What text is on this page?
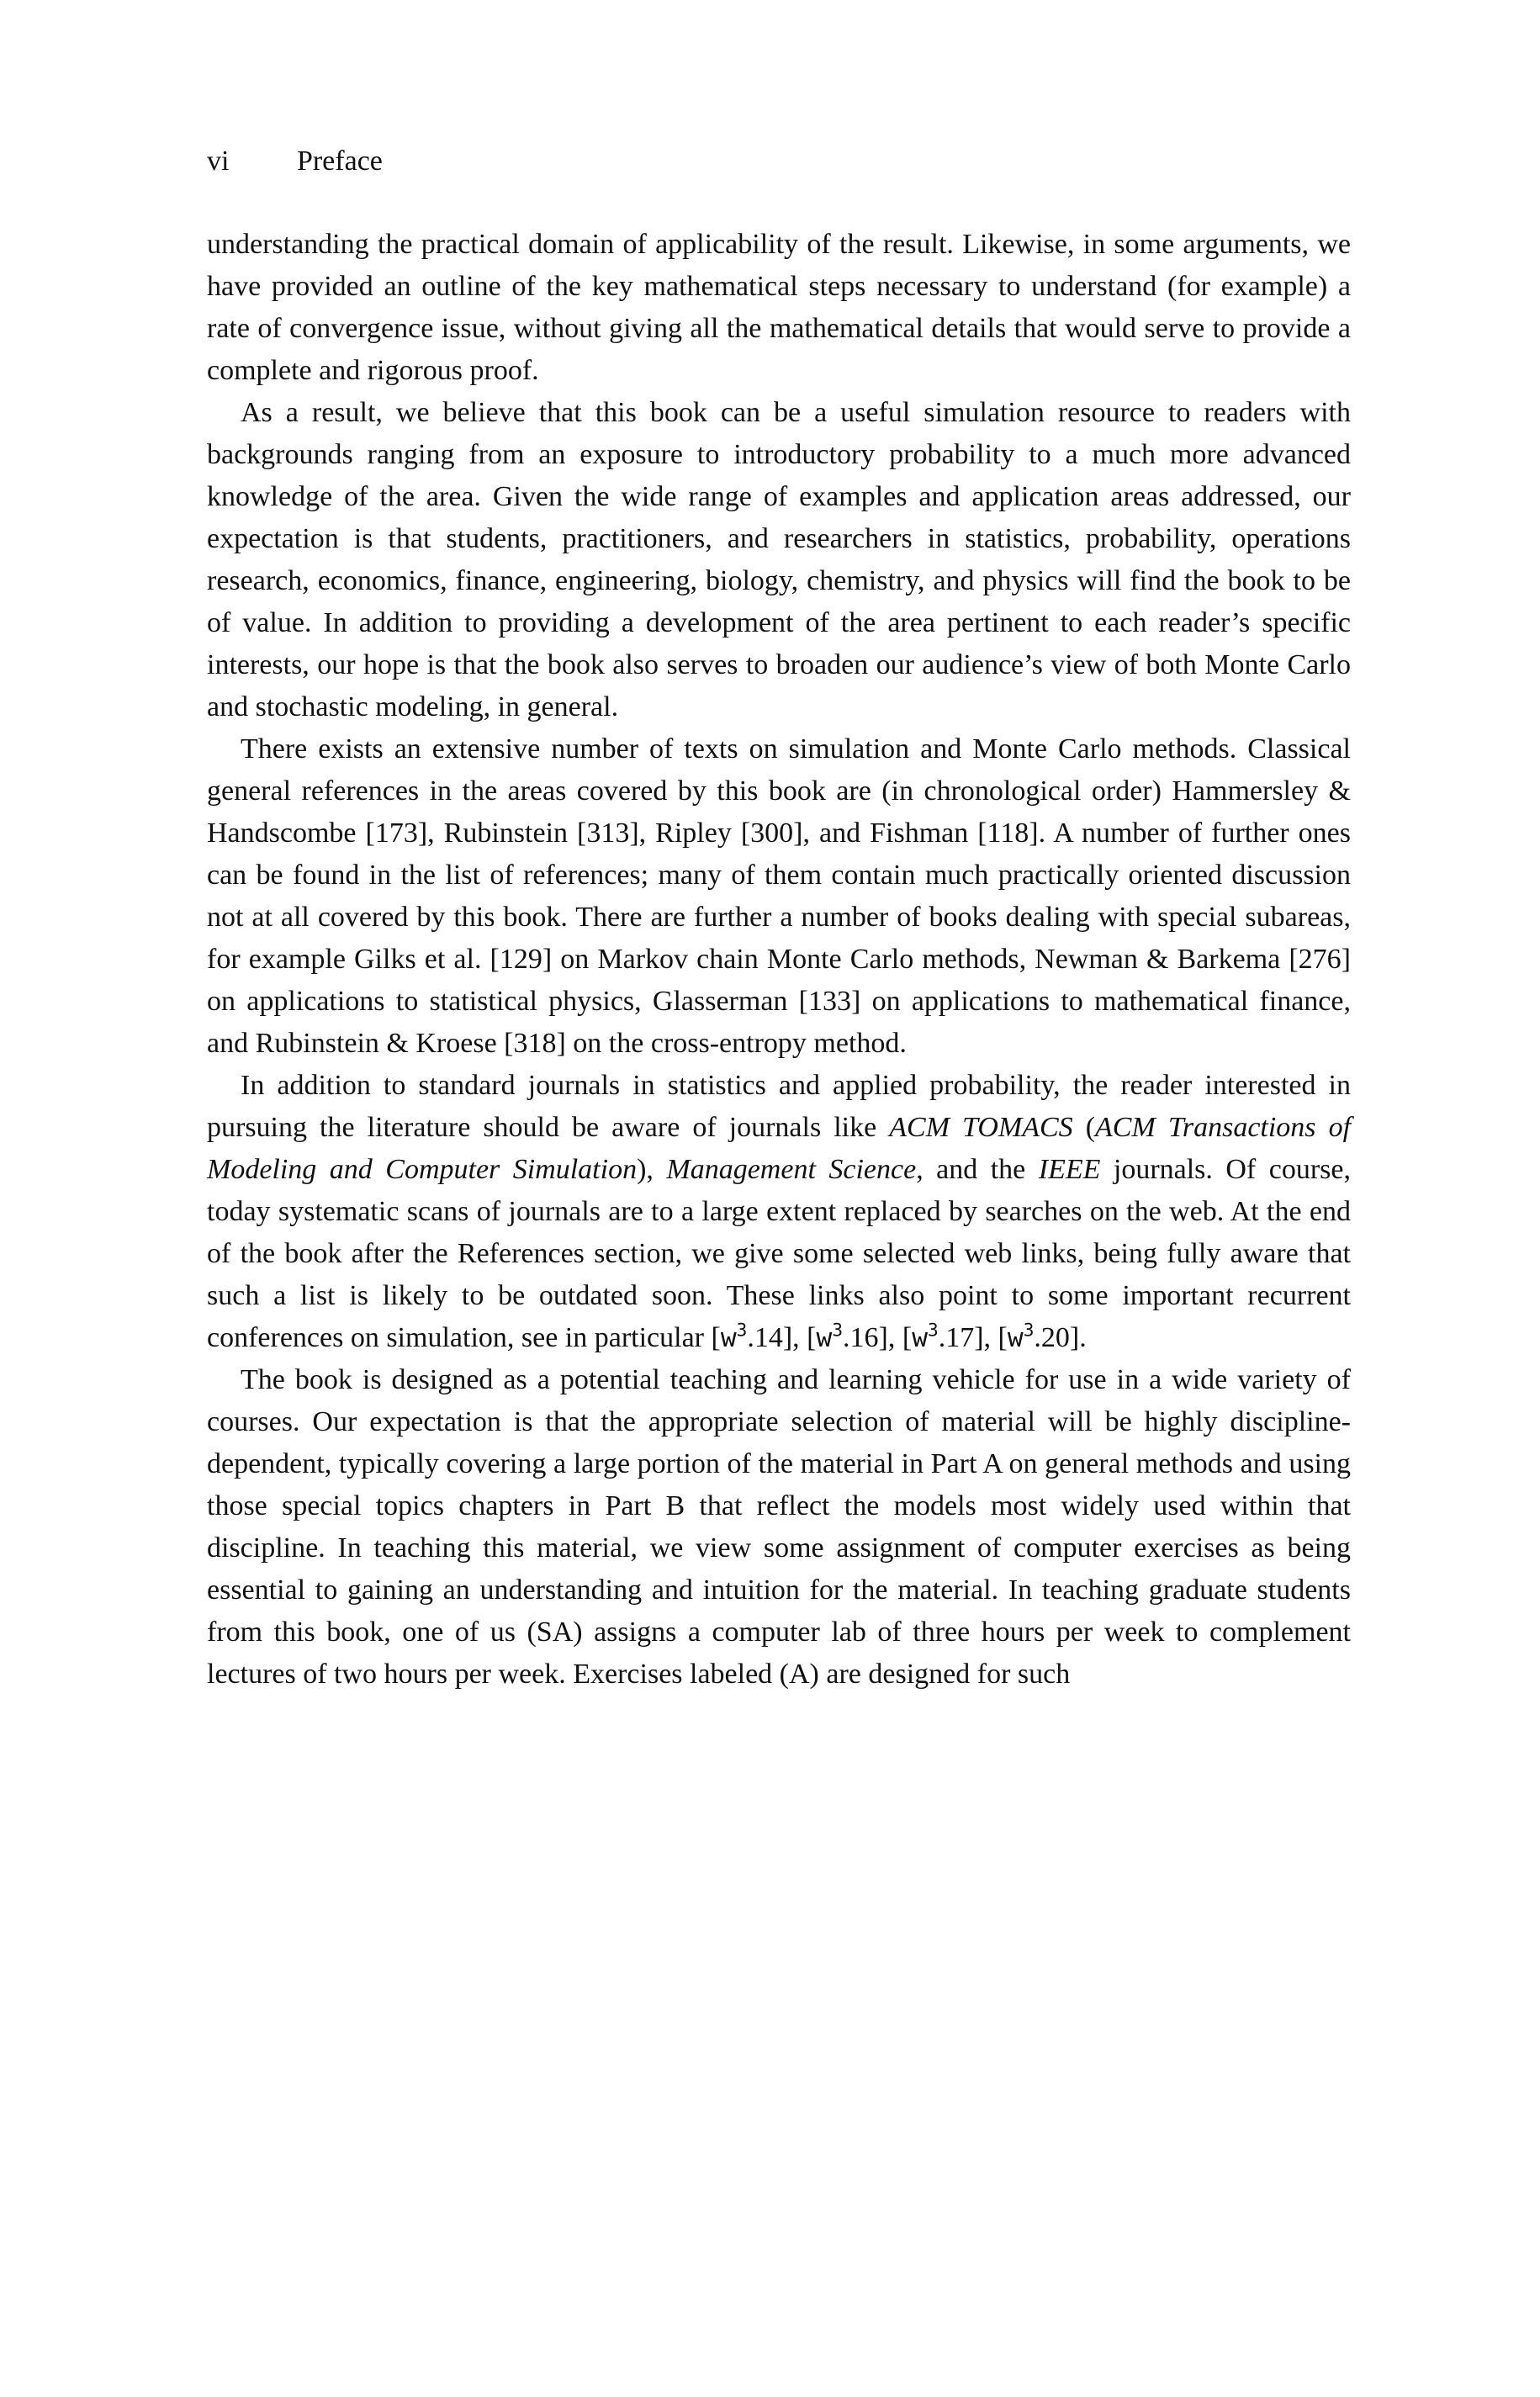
vi Preface

understanding the practical domain of applicability of the result. Likewise, in some arguments, we have provided an outline of the key mathematical steps necessary to understand (for example) a rate of convergence issue, without giving all the mathematical details that would serve to provide a complete and rigorous proof.

As a result, we believe that this book can be a useful simulation resource to readers with backgrounds ranging from an exposure to introductory probability to a much more advanced knowledge of the area. Given the wide range of examples and application areas addressed, our expectation is that students, practitioners, and researchers in statistics, probability, operations research, economics, finance, engineering, biology, chemistry, and physics will find the book to be of value. In addition to providing a development of the area pertinent to each reader’s specific interests, our hope is that the book also serves to broaden our audience’s view of both Monte Carlo and stochastic modeling, in general.

There exists an extensive number of texts on simulation and Monte Carlo methods. Classical general references in the areas covered by this book are (in chronological order) Hammersley & Handscombe [173], Rubinstein [313], Ripley [300], and Fishman [118]. A number of further ones can be found in the list of references; many of them contain much practically oriented discussion not at all covered by this book. There are further a number of books dealing with special subareas, for example Gilks et al. [129] on Markov chain Monte Carlo methods, Newman & Barkema [276] on applications to statistical physics, Glasserman [133] on applications to mathematical finance, and Rubinstein & Kroese [318] on the cross-entropy method.

In addition to standard journals in statistics and applied probability, the reader interested in pursuing the literature should be aware of journals like ACM TOMACS (ACM Transactions of Modeling and Computer Simulation), Management Science, and the IEEE journals. Of course, today systematic scans of journals are to a large extent replaced by searches on the web. At the end of the book after the References section, we give some selected web links, being fully aware that such a list is likely to be outdated soon. These links also point to some important recurrent conferences on simulation, see in particular $[w^3.14]$, $[w^3.16]$, $[w^3.17]$, $[w^3.20]$.

The book is designed as a potential teaching and learning vehicle for use in a wide variety of courses. Our expectation is that the appropriate selection of material will be highly discipline-dependent, typically covering a large portion of the material in Part A on general methods and using those special topics chapters in Part B that reflect the models most widely used within that discipline. In teaching this material, we view some assignment of computer exercises as being essential to gaining an understanding and intuition for the material. In teaching graduate students from this book, one of us (SA) assigns a computer lab of three hours per week to complement lectures of two hours per week. Exercises labeled (A) are designed for such
